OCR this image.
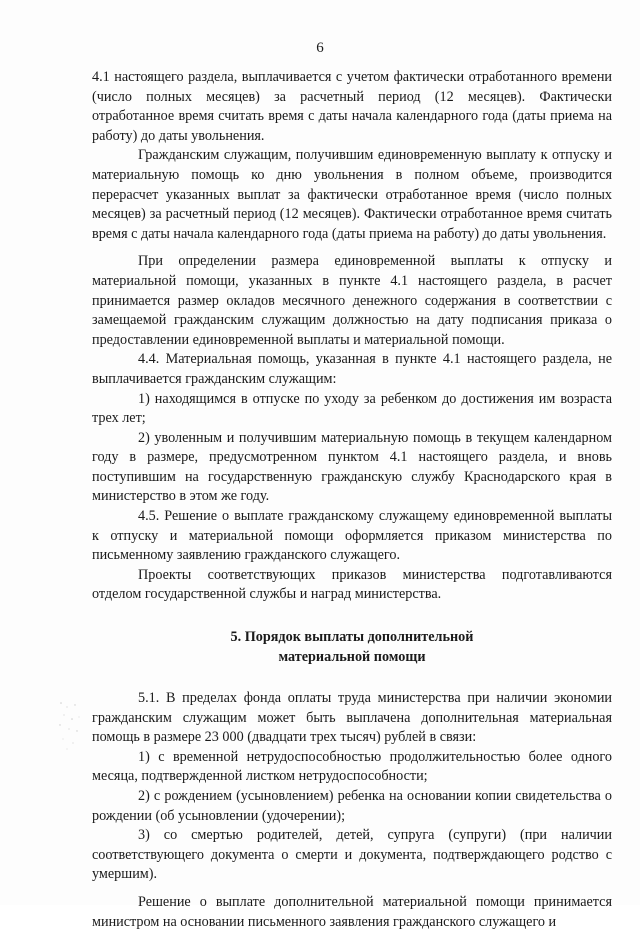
6

4.1 настоящего раздела, выплачивается с учетом фактически отработанного времени (число полных месяцев) за расчетный период (12 месяцев). Фактически отработанное время считать время с даты начала календарного года (даты приема на работу) до даты увольнения.

Гражданским служащим, получившим единовременную выплату к отпуску и материальную помощь ко дню увольнения в полном объеме, производится перерасчет указанных выплат за фактически отработанное время (число полных месяцев) за расчетный период (12 месяцев). Фактически отработанное время считать время с даты начала календарного года (даты приема на работу) до даты увольнения.

При определении размера единовременной выплаты к отпуску и материальной помощи, указанных в пункте 4.1 настоящего раздела, в расчет принимается размер окладов месячного денежного содержания в соответствии с замещаемой гражданским служащим должностью на дату подписания приказа о предоставлении единовременной выплаты и материальной помощи.

4.4. Материальная помощь, указанная в пункте 4.1 настоящего раздела, не выплачивается гражданским служащим:

1) находящимся в отпуске по уходу за ребенком до достижения им возраста трех лет;

2) уволенным и получившим материальную помощь в текущем календарном году в размере, предусмотренном пунктом 4.1 настоящего раздела, и вновь поступившим на государственную гражданскую службу Краснодарского края в министерство в этом же году.

4.5. Решение о выплате гражданскому служащему единовременной выплаты к отпуску и материальной помощи оформляется приказом министерства по письменному заявлению гражданского служащего.

Проекты соответствующих приказов министерства подготавливаются отделом государственной службы и наград министерства.

5. Порядок выплаты дополнительной
материальной помощи

5.1. В пределах фонда оплаты труда министерства при наличии экономии гражданским служащим может быть выплачена дополнительная материальная помощь в размере 23 000 (двадцати трех тысяч) рублей в связи:

1) с временной нетрудоспособностью продолжительностью более одного месяца, подтвержденной листком нетрудоспособности;

2) с рождением (усыновлением) ребенка на основании копии свидетельства о рождении (об усыновлении (удочерении);

3) со смертью родителей, детей, супруга (супруги) (при наличии соответствующего документа о смерти и документа, подтверждающего родство с умершим).

Решение о выплате дополнительной материальной помощи принимается министром на основании письменного заявления гражданского служащего и
